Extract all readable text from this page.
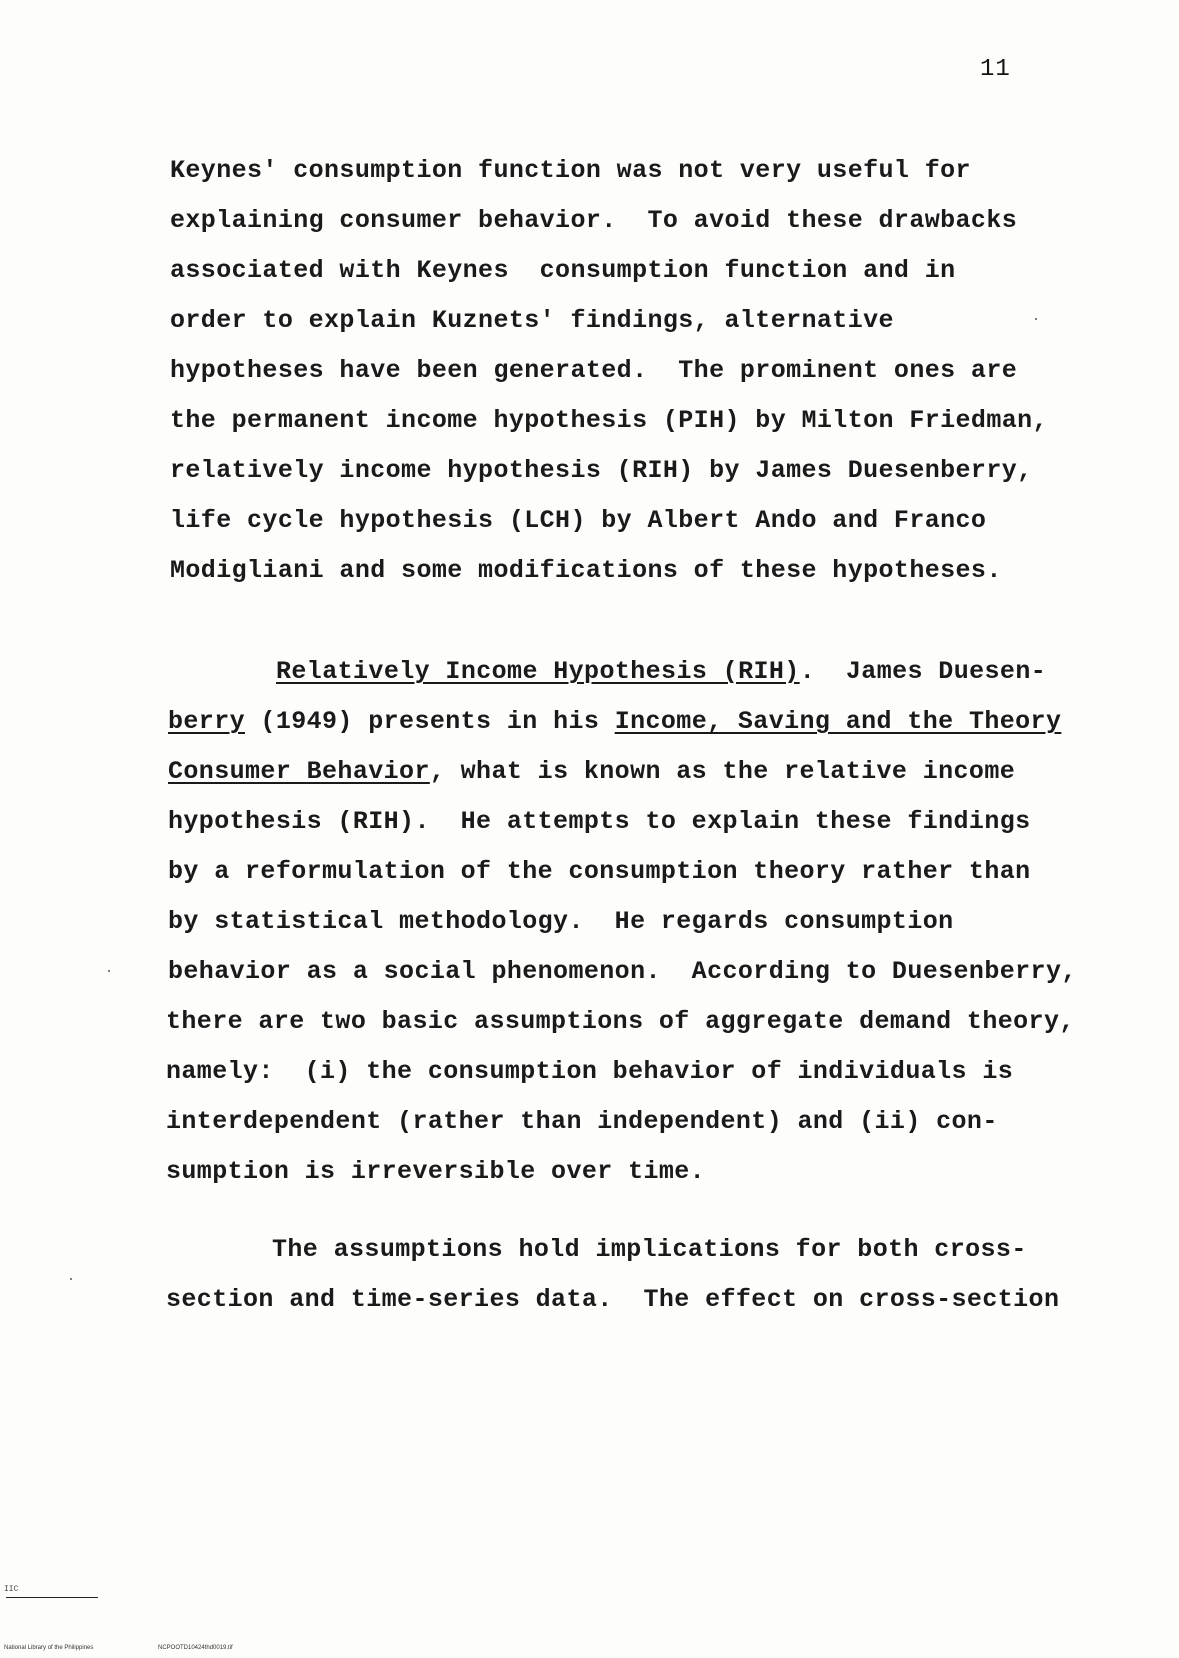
11
Keynes' consumption function was not very useful for
explaining consumer behavior.  To avoid these drawbacks
associated with Keynes  consumption function and in
order to explain Kuznets' findings, alternative
hypotheses have been generated.  The prominent ones are
the permanent income hypothesis (PIH) by Milton Friedman,
relatively income hypothesis (RIH) by James Duesenberry,
life cycle hypothesis (LCH) by Albert Ando and Franco
Modigliani and some modifications of these hypotheses.
Relatively Income Hypothesis (RIH).  James Duesen-
berry (1949) presents in his Income, Saving and the Theory
Consumer Behavior, what is known as the relative income
hypothesis (RIH).  He attempts to explain these findings
by a reformulation of the consumption theory rather than
by statistical methodology.  He regards consumption
behavior as a social phenomenon.  According to Duesenberry,
there are two basic assumptions of aggregate demand theory,
namely:  (i) the consumption behavior of individuals is
interdependent (rather than independent) and (ii) con-
sumption is irreversible over time.
The assumptions hold implications for both cross-
section and time-series data.  The effect on cross-section
IIC
National Library of the Philippines	NCPOOTD10424thd0019.tif
